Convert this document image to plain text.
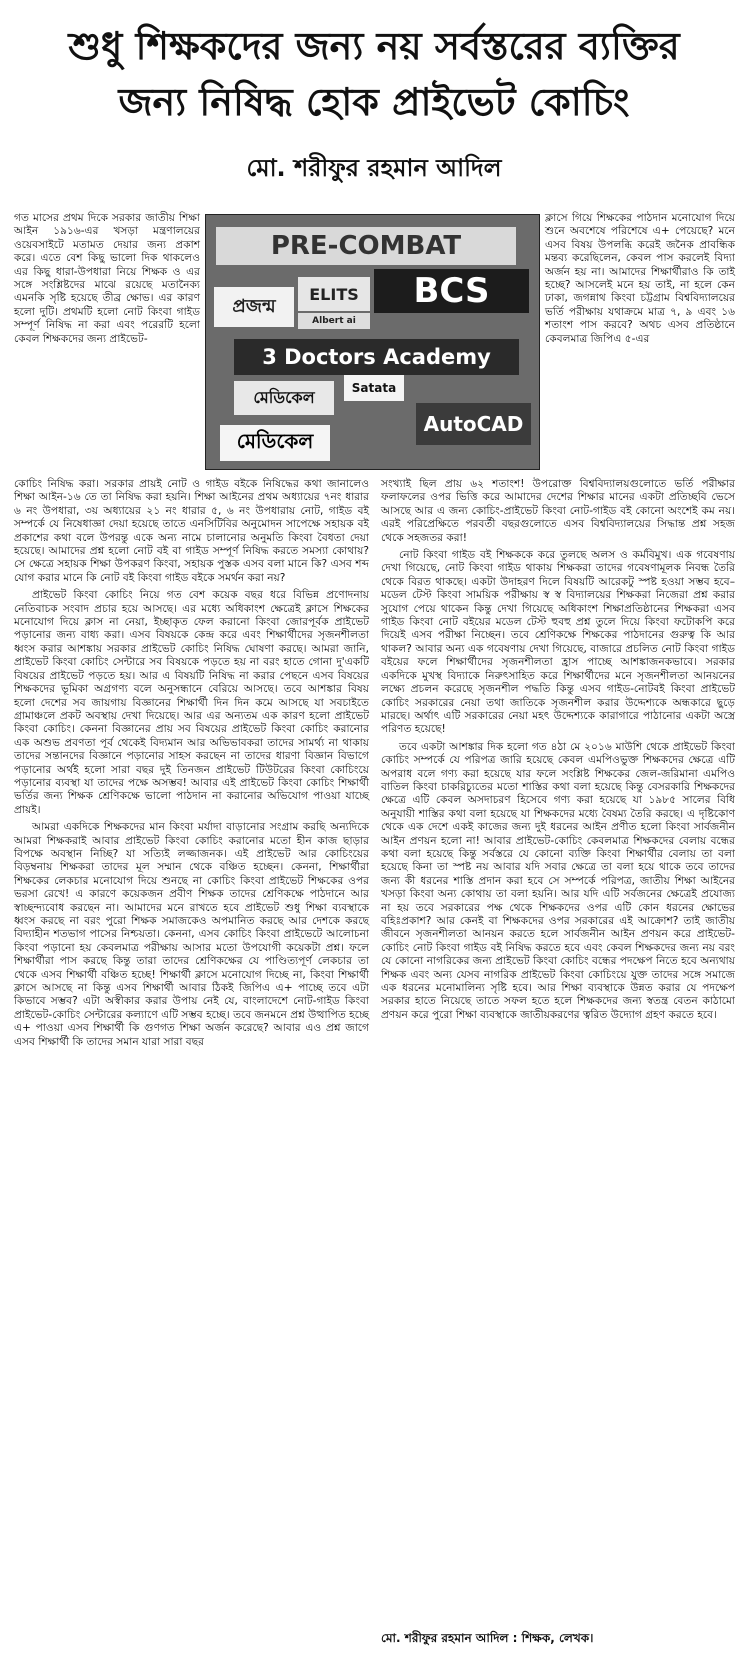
শুধু শিক্ষকদের জন্য নয় সর্বস্তরের ব্যক্তির
জন্য নিষিদ্ধ হোক প্রাইভেট কোচিং
মো. শরীফুর রহমান আদিল

গত মাসের প্রথম দিকে সরকার জাতীয় শিক্ষা আইন ১৯১৬-এর খসড়া মন্ত্রণালয়ের ওয়েবসাইটে মতামত দেয়ার জন্য প্রকাশ করে। এতে বেশ কিছু ভালো দিক থাকলেও এর কিছু ধারা-উপধারা নিয়ে শিক্ষক ও এর সঙ্গে সংশ্লিষ্টদের মাঝে রয়েছে মতানৈক্য এমনকি সৃষ্টি হয়েছে তীব্র ক্ষোভ। এর কারণ হলো দুটি। প্রথমটি হলো নোট কিংবা গাইড সম্পূর্ণ নিষিদ্ধ না করা এবং পরেরটি হলো কেবল শিক্ষকদের জন্য প্রাইভেট-

PRE-COMBAT
প্রজন্ম
ELITS
Albert ai
BCS
3 Doctors Academy
মেডিকেল	Satata
মেডিকেল
AutoCAD

ক্লাসে গিয়ে শিক্ষকের পাঠদান মনোযোগ দিয়ে শুনে অবশেষে পরিশেষে এ+ পেয়েছে? মনে এসব বিষয় উপলব্ধি করেই জনৈক প্রাবন্ধিক মন্তব্য করেছিলেন, কেবল পাস করলেই বিদ্যা অর্জন হয় না। আমাদের শিক্ষার্থীরাও কি তাই হচ্ছে? আসলেই মনে হয় তাই, না হলে কেন ঢাকা, জগন্নাথ কিংবা চট্টগ্রাম বিশ্ববিদ্যালয়ের ভর্তি পরীক্ষায় যথাক্রমে মাত্র ৭, ৯ এবং ১৬ শতাংশ পাস করবে? অথচ এসব প্রতিষ্ঠানে কেবলমাত্র জিপিএ ৫-এর

কোচিং নিষিদ্ধ করা। সরকার প্রায়ই নোট ও গাইড বইকে নিষিদ্ধের কথা জানালেও শিক্ষা আইন-১৬ তে তা নিষিদ্ধ করা হয়নি। শিক্ষা আইনের প্রথম অধ্যায়ের ৭নং ধারার ৬ নং উপধারা, ৩য় অধ্যায়ের ২১ নং ধারার ৫, ৬ নং উপধারায় নোট, গাইড বই সম্পর্কে যে নিষেধাজ্ঞা দেয়া হয়েছে তাতে এনসিটিবির অনুমোদন সাপেক্ষে সহায়ক বই প্রকাশের কথা বলে উপরন্তু একে অন্য নামে চালানোর অনুমতি কিংবা বৈধতা দেয়া হয়েছে। আমাদের প্রশ্ন হলো নোট বই বা গাইড সম্পূর্ণ নিষিদ্ধ করতে সমস্যা কোথায়? সে ক্ষেত্রে সহায়ক শিক্ষা উপকরণ কিংবা, সহায়ক পুস্তক এসব বলা মানে কি? এসব শব্দ যোগ করার মানে কি নোট বই কিংবা গাইড বইকে সমর্থন করা নয়?

প্রাইভেট কিংবা কোচিং নিয়ে গত বেশ কয়েক বছর ধরে বিভিন্ন প্রণোদনায় নেতিবাচক সংবাদ প্রচার হয়ে আসছে। এর মধ্যে অধিকাংশ ক্ষেত্রেই ক্লাসে শিক্ষকের মনোযোগ দিয়ে ক্লাস না নেয়া, ইচ্ছাকৃত ফেল করানো কিংবা জোরপূর্বক প্রাইভেট পড়ানোর জন্য বাধ্য করা। এসব বিষয়কে কেন্দ্র করে এবং শিক্ষার্থীদের সৃজনশীলতা ধ্বংস করার আশঙ্কায় সরকার প্রাইভেট কোচিং নিষিদ্ধ ঘোষণা করছে। আমরা জানি, প্রাইভেট কিংবা কোচিং সেন্টারে সব বিষয়কে পড়তে হয় না বরং হাতে গোনা দু'একটি বিষয়ের প্রাইভেট পড়তে হয়। আর এ বিষয়টি নিষিদ্ধ না করার পেছনে এসব বিষয়ের শিক্ষকদের ভূমিকা অগ্রগণ্য বলে অনুসন্ধানে বেরিয়ে আসছে। তবে আশঙ্কার বিষয় হলো দেশের সব জায়গায় বিজ্ঞানের শিক্ষার্থী দিন দিন কমে আসছে যা সবচাইতে গ্রামাঞ্চলে প্রকট অবস্থায় দেখা দিয়েছে। আর এর অন্যতম এক কারণ হলো প্রাইভেট কিংবা কোচিং। কেননা বিজ্ঞানের প্রায় সব বিষয়ের প্রাইভেট কিংবা কোচিং করানোর এক অশুভ প্রবণতা পূর্ব থেকেই বিদ্যমান আর অভিভাবকরা তাদের সামর্থ্য না থাকায় তাদের সন্তানদের বিজ্ঞানে পড়ানোর সাহস করছেন না তাদের ধারণা বিজ্ঞান বিভাগে পড়ানোর অর্থই হলো সারা বছর দুই তিনজন প্রাইভেট টিউটরের কিংবা কোচিংয়ে পড়ানোর ব্যবস্থা যা তাদের পক্ষে অসম্ভব! আবার এই প্রাইভেট কিংবা কোচিং শিক্ষার্থী ভর্তির জন্য শিক্ষক শ্রেণিকক্ষে ভালো পাঠদান না করানোর অভিযোগ পাওয়া যাচ্ছে প্রায়ই।

আমরা একদিকে শিক্ষকদের মান কিংবা মর্যাদা বাড়ানোর সংগ্রাম করছি অন্যদিকে আমরা শিক্ষকরাই আবার প্রাইভেট কিংবা কোচিং করানোর মতো হীন কাজ ছাড়ার বিপক্ষে অবস্থান নিচ্ছি? যা সত্যিই লজ্জাজনক। এই প্রাইভেট আর কোচিংয়ের বিড়ম্বনায় শিক্ষকরা তাদের মূল সম্মান থেকে বঞ্চিত হচ্ছেন। কেননা, শিক্ষার্থীরা শিক্ষকের লেকচার মনোযোগ দিয়ে শুনছে না কোচিং কিংবা প্রাইভেট শিক্ষকের ওপর ভরসা রেখে! এ কারণে কয়েকজন প্রবীণ শিক্ষক তাদের শ্রেণিকক্ষে পাঠদানে আর স্বাচ্ছন্দ্যবোধ করছেন না। আমাদের মনে রাখতে হবে প্রাইভেট শুধু শিক্ষা ব্যবস্থাকে ধ্বংস করছে না বরং পুরো শিক্ষক সমাজকেও অপমানিত করছে আর দেশকে করছে বিদ্যাহীন শতভাগ পাসের নিশ্চয়তা। কেননা, এসব কোচিং কিংবা প্রাইভেটে আলোচনা কিংবা পড়ানো হয় কেবলমাত্র পরীক্ষায় আসার মতো উপযোগী কয়েকটা প্রশ্ন। ফলে শিক্ষার্থীরা পাস করছে কিন্তু তারা তাদের শ্রেণিকক্ষের যে পাণ্ডিত্যপূর্ণ লেকচার তা থেকে এসব শিক্ষার্থী বঞ্চিত হচ্ছে! শিক্ষার্থী ক্লাসে মনোযোগ দিচ্ছে না, কিংবা শিক্ষার্থী ক্লাসে আসছে না কিন্তু এসব শিক্ষার্থী আবার ঠিকই জিপিএ এ+ পাচ্ছে তবে এটা কিভাবে সম্ভব? এটা অস্বীকার করার উপায় নেই যে, বাংলাদেশে নোট-গাইড কিংবা প্রাইভেট-কোচিং সেন্টারের কল্যাণে এটি সম্ভব হচ্ছে। তবে জনমনে প্রশ্ন উত্থাপিত হচ্ছে এ+ পাওয়া এসব শিক্ষার্থী কি গুণগত শিক্ষা অর্জন করেছে? আবার এও প্রশ্ন জাগে এসব শিক্ষার্থী কি তাদের সমান যারা সারা বছর

সংখ্যাই ছিল প্রায় ৬২ শতাংশ! উপরোক্ত বিশ্ববিদ্যালয়গুলোতে ভর্তি পরীক্ষার ফলাফলের ওপর ভিত্তি করে আমাদের দেশের শিক্ষার মানের একটা প্রতিচ্ছবি ভেসে আসছে আর এ জন্য কোচিং-প্রাইভেট কিংবা নোট-গাইড বই কোনো অংশেই কম নয়। এরই পরিপ্রেক্ষিতে পরবর্তী বছরগুলোতে এসব বিশ্ববিদ্যালয়ের সিদ্ধান্ত প্রশ্ন সহজ থেকে সহজতর করা!

নোট কিংবা গাইড বই শিক্ষককে করে তুলছে অলস ও কর্মবিমুখ। এক গবেষণায় দেখা গিয়েছে, নোট কিংবা গাইড থাকায় শিক্ষকরা তাদের গবেষণামূলক নিবন্ধ তৈরি থেকে বিরত থাকছে। একটা উদাহরণ দিলে বিষয়টি আরেকটু স্পষ্ট হওয়া সম্ভব হবে– মডেল টেস্ট কিংবা সাময়িক পরীক্ষায় স্ব স্ব বিদ্যালয়ের শিক্ষকরা নিজেরা প্রশ্ন করার সুযোগ পেয়ে থাকেন কিন্তু দেখা গিয়েছে অধিকাংশ শিক্ষাপ্রতিষ্ঠানের শিক্ষকরা এসব গাইড কিংবা নোট বইয়ের মডেল টেস্ট হুবহু প্রশ্ন তুলে দিয়ে কিংবা ফটোকপি করে দিয়েই এসব পরীক্ষা নিচ্ছেন। তবে শ্রেণিকক্ষে শিক্ষকের পাঠদানের গুরুত্ব কি আর থাকল? আবার অন্য এক গবেষণায় দেখা গিয়েছে, বাজারে প্রচলিত নোট কিংবা গাইড বইয়ের ফলে শিক্ষার্থীদের সৃজনশীলতা হ্রাস পাচ্ছে আশঙ্কাজনকভাবে। সরকার একদিকে মুখস্থ বিদ্যাকে নিরুৎসাহিত করে শিক্ষার্থীদের মনে সৃজনশীলতা আনয়নের লক্ষ্যে প্রচলন করেছে সৃজনশীল পদ্ধতি কিন্তু এসব গাইড-নোটবই কিংবা প্রাইভেট কোচিং সরকারের নেয়া তথা জাতিকে সৃজনশীল করার উদ্দেশ্যকে অন্ধকারে ছুড়ে মারছে। অর্থাৎ এটি সরকারের নেয়া মহৎ উদ্দেশ্যকে কারাগারে পাঠানোর একটা অস্ত্রে পরিণত হয়েছে!

তবে একটা আশঙ্কার দিক হলো গত ৪ঠা মে ২০১৬ মাউশি থেকে প্রাইভেট কিংবা কোচিং সম্পর্কে যে পরিপত্র জারি হয়েছে কেবল এমপিওভুক্ত শিক্ষকদের ক্ষেত্রে এটি অপরাধ বলে গণ্য করা হয়েছে যার ফলে সংশ্লিষ্ট শিক্ষকের জেল-জরিমানা এমপিও বাতিল কিংবা চাকরিচ্যুতের মতো শাস্তির কথা বলা হয়েছে কিন্তু বেসরকারি শিক্ষকদের ক্ষেত্রে এটি কেবল অসদাচরণ হিসেবে গণ্য করা হয়েছে যা ১৯৮৫ সালের বিধি অনুযায়ী শাস্তির কথা বলা হয়েছে যা শিক্ষকদের মধ্যে বৈষম্য তৈরি করছে। এ দৃষ্টিকোণ থেকে এক দেশে একই কাজের জন্য দুই ধরনের আইন প্রণীত হলো কিংবা সার্বজনীন আইন প্রণয়ন হলো না! আবার প্রাইভেট-কোচিং কেবলমাত্র শিক্ষকদের বেলায় বন্ধের কথা বলা হয়েছে কিন্তু সর্বস্তরে যে কোনো ব্যক্তি কিংবা শিক্ষার্থীর বেলায় তা বলা হয়েছে কিনা তা স্পষ্ট নয় আবার যদি সবার ক্ষেত্রে তা বলা হয়ে থাকে তবে তাদের জন্য কী ধরনের শাস্তি প্রদান করা হবে সে সম্পর্কে পরিপত্র, জাতীয় শিক্ষা আইনের খসড়া কিংবা অন্য কোথায় তা বলা হয়নি। আর যদি এটি সর্বজনের ক্ষেত্রেই প্রযোজ্য না হয় তবে সরকারের পক্ষ থেকে শিক্ষকদের ওপর এটি কোন ধরনের ক্ষোভের বহিঃপ্রকাশ? আর কেনই বা শিক্ষকদের ওপর সরকারের এই আক্রোশ? তাই জাতীয় জীবনে সৃজনশীলতা আনয়ন করতে হলে সার্বজনীন আইন প্রণয়ন করে প্রাইভেট-কোচিং নোট কিংবা গাইড বই নিষিদ্ধ করতে হবে এবং কেবল শিক্ষকদের জন্য নয় বরং যে কোনো নাগরিকের জন্য প্রাইভেট কিংবা কোচিং বন্ধের পদক্ষেপ নিতে হবে অন্যথায় শিক্ষক এবং অন্য যেসব নাগরিক প্রাইভেট কিংবা কোচিংয়ে যুক্ত তাদের সঙ্গে সমাজে এক ধরনের মনোমালিন্য সৃষ্টি হবে। আর শিক্ষা ব্যবস্থাকে উন্নত করার যে পদক্ষেপ সরকার হাতে নিয়েছে তাতে সফল হতে হলে শিক্ষকদের জন্য স্বতন্ত্র বেতন কাঠামো প্রণয়ন করে পুরো শিক্ষা ব্যবস্থাকে জাতীয়করণের ত্বরিত উদ্যোগ গ্রহণ করতে হবে।

মো. শরীফুর রহমান আদিল : শিক্ষক, লেখক।
